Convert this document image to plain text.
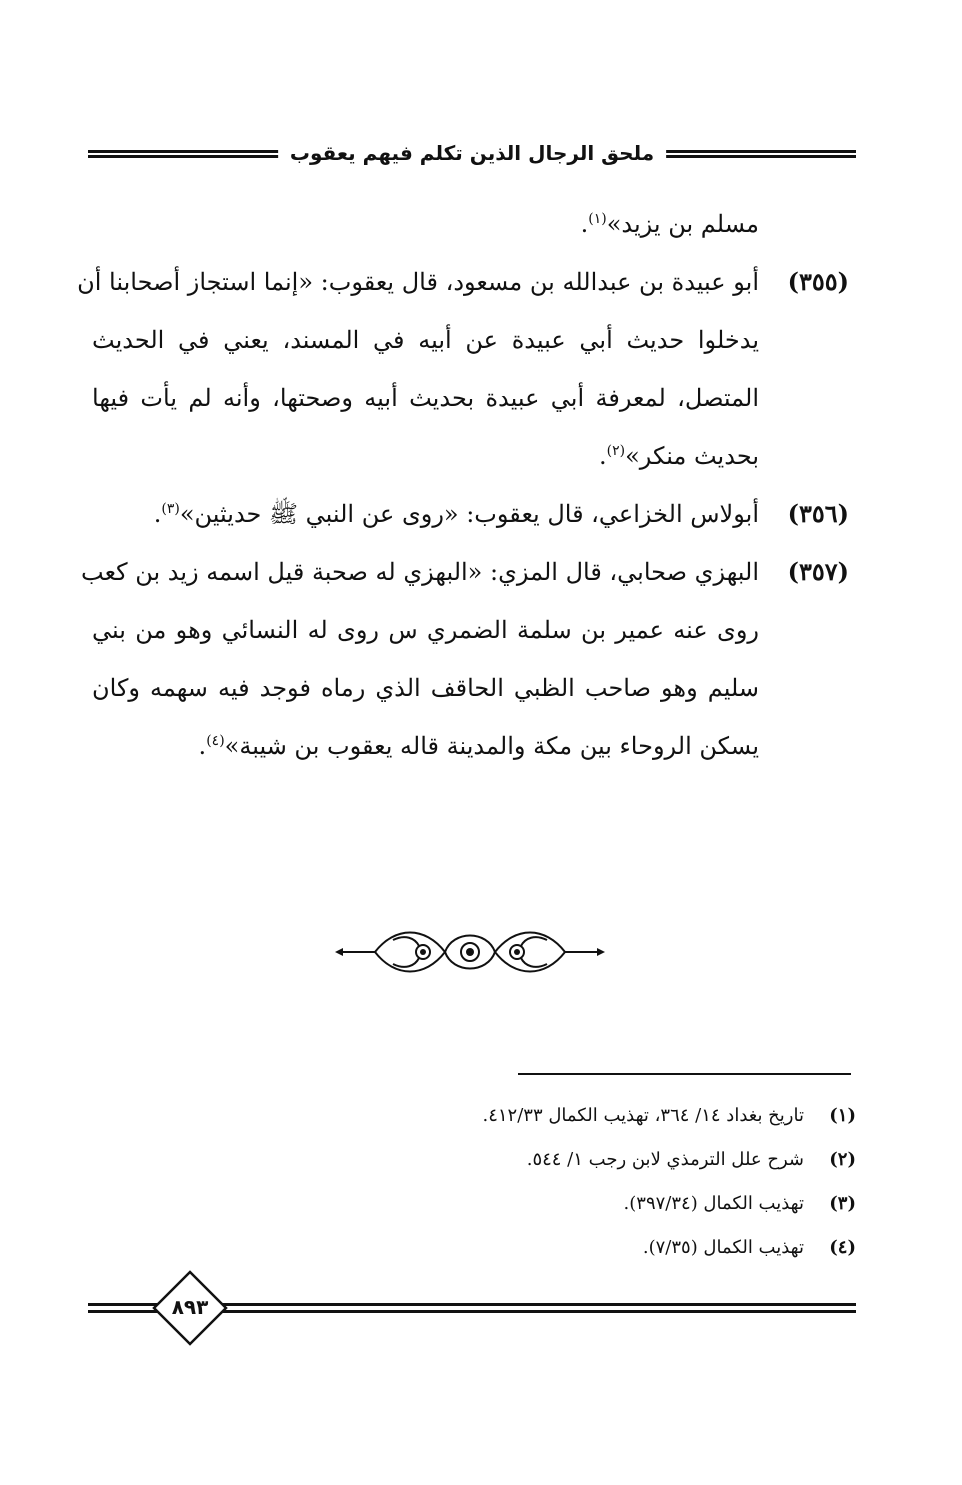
ملحق الرجال الذين تكلم فيهم يعقوب
مسلم بن يزيد»$^{(١)}$.
(٣٥٥)
أبو عبيدة بن عبدالله بن مسعود، قال يعقوب: «إنما استجاز أصحابنا أن
يدخلوا حديث أبي عبيدة عن أبيه في المسند، يعني في الحديث
المتصل، لمعرفة أبي عبيدة بحديث أبيه وصحتها، وأنه لم يأت فيها
بحديث منكر»$^{(٢)}$.
(٣٥٦)
أبولاس الخزاعي، قال يعقوب: «روى عن النبي ﷺ حديثين»$^{(٣)}$.
(٣٥٧)
البهزي صحابي، قال المزي: «البهزي له صحبة قيل اسمه زيد بن كعب
روى عنه عمير بن سلمة الضمري س روى له النسائي وهو من بني
سليم وهو صاحب الظبي الحاقف الذي رماه فوجد فيه سهمه وكان
يسكن الروحاء بين مكة والمدينة قاله يعقوب بن شيبة»$^{(٤)}$.
(١)تاريخ بغداد ١٤/ ٣٦٤، تهذيب الكمال ٤١٢/٣٣.
(٢)شرح علل الترمذي لابن رجب ١/ ٥٤٤.
(٣)تهذيب الكمال (٣٩٧/٣٤).
(٤)تهذيب الكمال (٧/٣٥).
٨٩٣
